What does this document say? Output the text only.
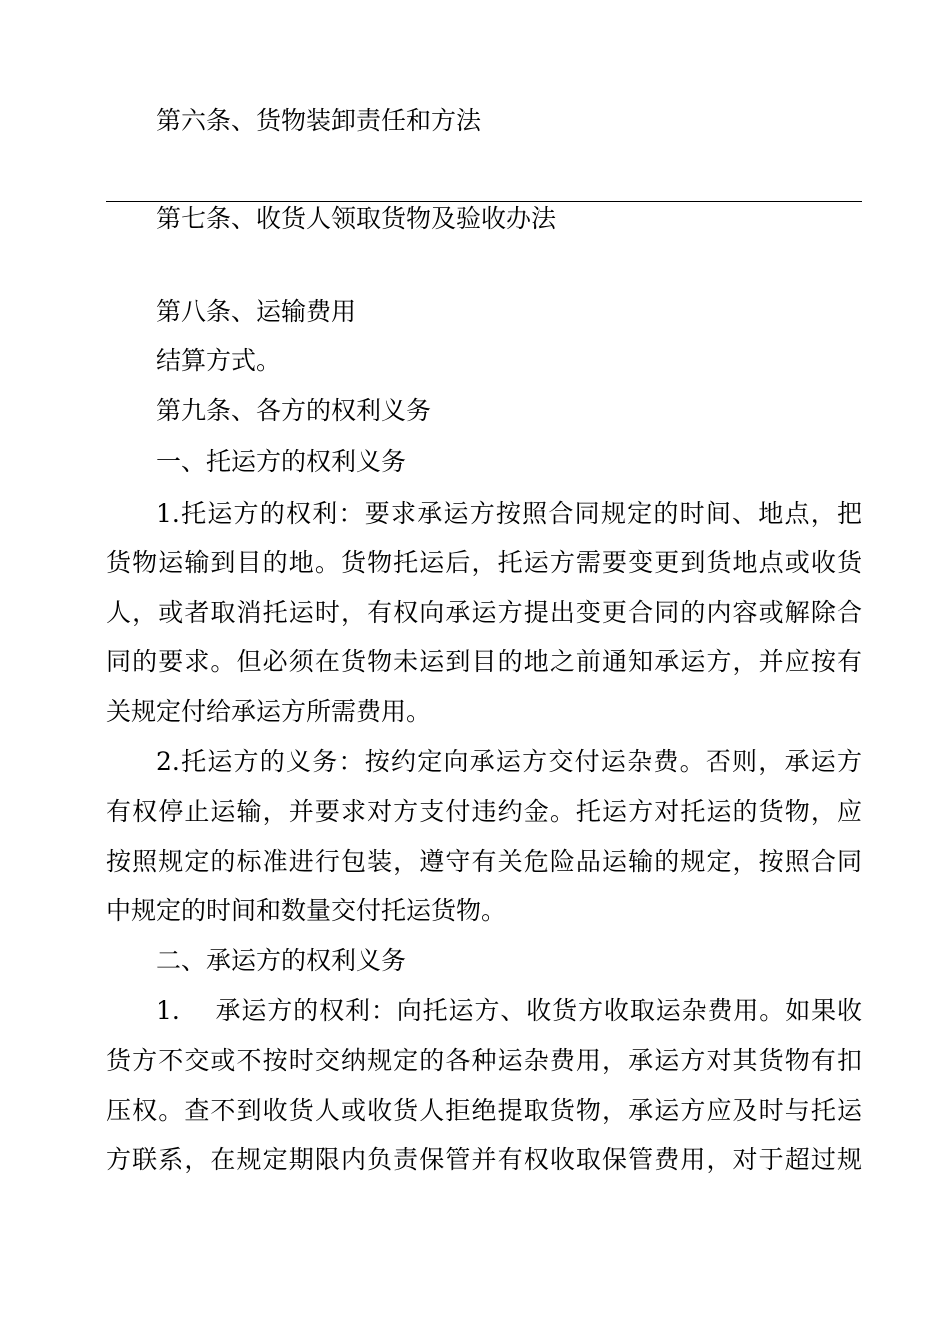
第六条、货物装卸责任和方法
第七条、收货人领取货物及验收办法
第八条、运输费用
结算方式。
第九条、各方的权利义务
一、托运方的权利义务
1.托运方的权利：要求承运方按照合同规定的时间、地点，把
货物运输到目的地。货物托运后，托运方需要变更到货地点或收货
人，或者取消托运时，有权向承运方提出变更合同的内容或解除合
同的要求。但必须在货物未运到目的地之前通知承运方，并应按有
关规定付给承运方所需费用。
2.托运方的义务：按约定向承运方交付运杂费。否则，承运方
有权停止运输，并要求对方支付违约金。托运方对托运的货物，应
按照规定的标准进行包装，遵守有关危险品运输的规定，按照合同
中规定的时间和数量交付托运货物。
二、承运方的权利义务
1.　 承运方的权利：向托运方、收货方收取运杂费用。如果收
货方不交或不按时交纳规定的各种运杂费用，承运方对其货物有扣
压权。查不到收货人或收货人拒绝提取货物，承运方应及时与托运
方联系，在规定期限内负责保管并有权收取保管费用，对于超过规
